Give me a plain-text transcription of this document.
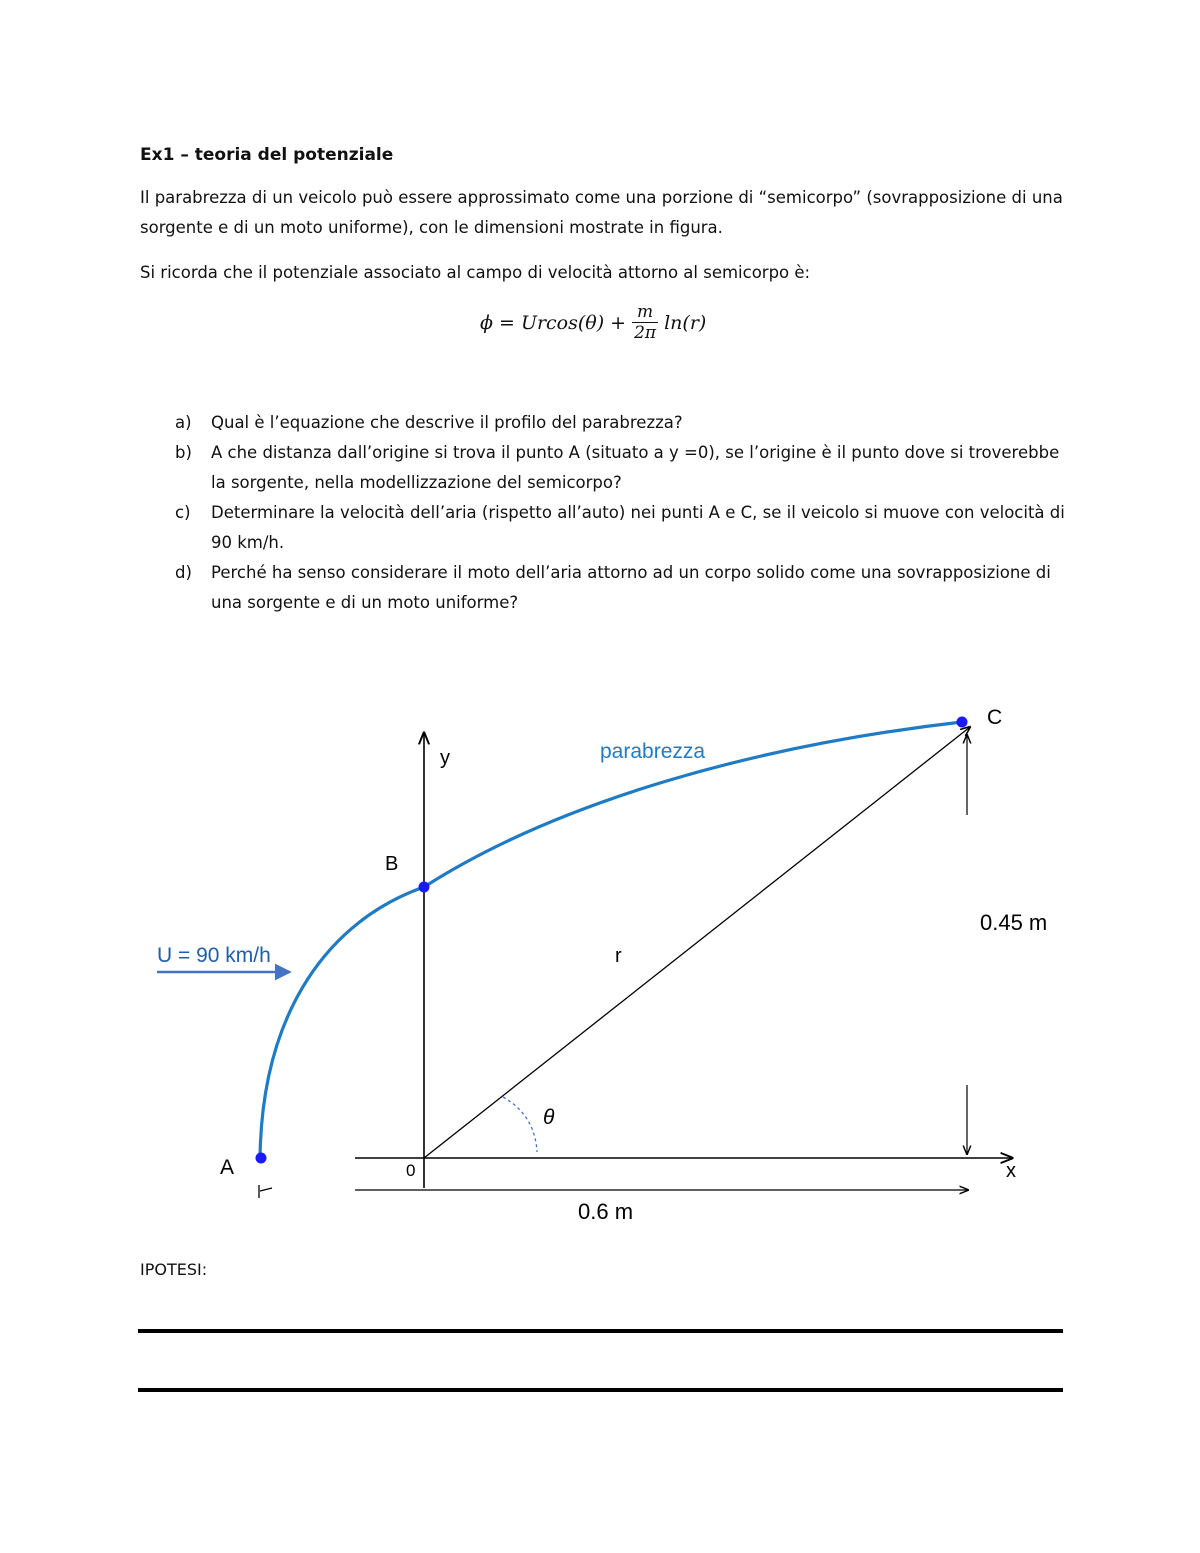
Ex1 – teoria del potenziale
Il parabrezza di un veicolo può essere approssimato come una porzione di “semicorpo” (sovrapposizione di una sorgente e di un moto uniforme), con le dimensioni mostrate in figura.
Si ricorda che il potenziale associato al campo di velocità attorno al semicorpo è:
$\phi = Urcos(\theta) + \frac{m}{2\pi} \ln(r)$
a)	Qual è l’equazione che descrive il profilo del parabrezza?
b)	A che distanza dall’origine si trova il punto A (situato a y =0), se l’origine è il punto dove si troverebbe la sorgente, nella modellizzazione del semicorpo?
c)	Determinare la velocità dell’aria (rispetto all’auto) nei punti A e C, se il veicolo si muove con velocità di 90 km/h.
d)	Perché ha senso considerare il moto dell’aria attorno ad un corpo solido come una sovrapposizione di una sorgente e di un moto uniforme?
y
x
0
A
B
C
parabrezza
U = 90 km/h	r
θ
0.45 m
0.6 m
IPOTESI:
